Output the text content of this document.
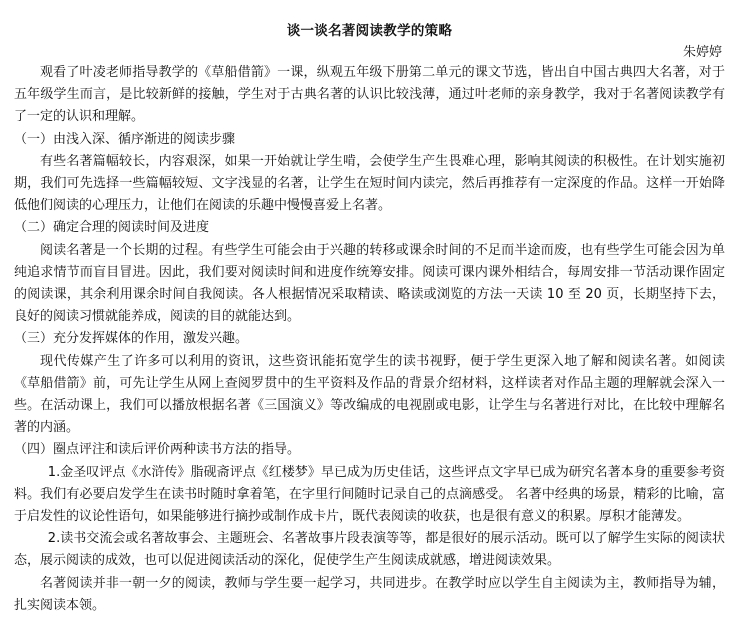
谈一谈名著阅读教学的策略
朱婷婷

观看了叶凌老师指导教学的《草船借箭》一课，纵观五年级下册第二单元的课文节选，皆出自中国古典四大名著，对于五年级学生而言，是比较新鲜的接触，学生对于古典名著的认识比较浅薄，通过叶老师的亲身教学，我对于名著阅读教学有了一定的认识和理解。

（一）由浅入深、循序渐进的阅读步骤

有些名著篇幅较长，内容艰深，如果一开始就让学生啃，会使学生产生畏难心理，影响其阅读的积极性。在计划实施初期，我们可先选择一些篇幅较短、文字浅显的名著，让学生在短时间内读完，然后再推荐有一定深度的作品。这样一开始降低他们阅读的心理压力，让他们在阅读的乐趣中慢慢喜爱上名著。

（二）确定合理的阅读时间及进度

阅读名著是一个长期的过程。有些学生可能会由于兴趣的转移或课余时间的不足而半途而废，也有些学生可能会因为单纯追求情节而盲目冒进。因此，我们要对阅读时间和进度作统筹安排。阅读可课内课外相结合，每周安排一节活动课作固定的阅读课，其余利用课余时间自我阅读。各人根据情况采取精读、略读或浏览的方法一天读 10 至 20 页，长期坚持下去，良好的阅读习惯就能养成，阅读的目的就能达到。

（三）充分发挥媒体的作用，激发兴趣。

现代传媒产生了许多可以利用的资讯，这些资讯能拓宽学生的读书视野，便于学生更深入地了解和阅读名著。如阅读《草船借箭》前，可先让学生从网上查阅罗贯中的生平资料及作品的背景介绍材料，这样读者对作品主题的理解就会深入一些。在活动课上，我们可以播放根据名著《三国演义》等改编成的电视剧或电影，让学生与名著进行对比，在比较中理解名著的内涵。

（四）圈点评注和读后评价两种读书方法的指导。

1.金圣叹评点《水浒传》脂砚斋评点《红楼梦》早已成为历史佳话，这些评点文字早已成为研究名著本身的重要参考资料。我们有必要启发学生在读书时随时拿着笔，在字里行间随时记录自己的点滴感受。 名著中经典的场景，精彩的比喻，富于启发性的议论性语句，如果能够进行摘抄或制作成卡片，既代表阅读的收获，也是很有意义的积累。厚积才能薄发。

2.读书交流会或名著故事会、主题班会、名著故事片段表演等等，都是很好的展示活动。既可以了解学生实际的阅读状态，展示阅读的成效，也可以促进阅读活动的深化，促使学生产生阅读成就感，增进阅读效果。

名著阅读并非一朝一夕的阅读，教师与学生要一起学习，共同进步。在教学时应以学生自主阅读为主，教师指导为辅，扎实阅读本领。
